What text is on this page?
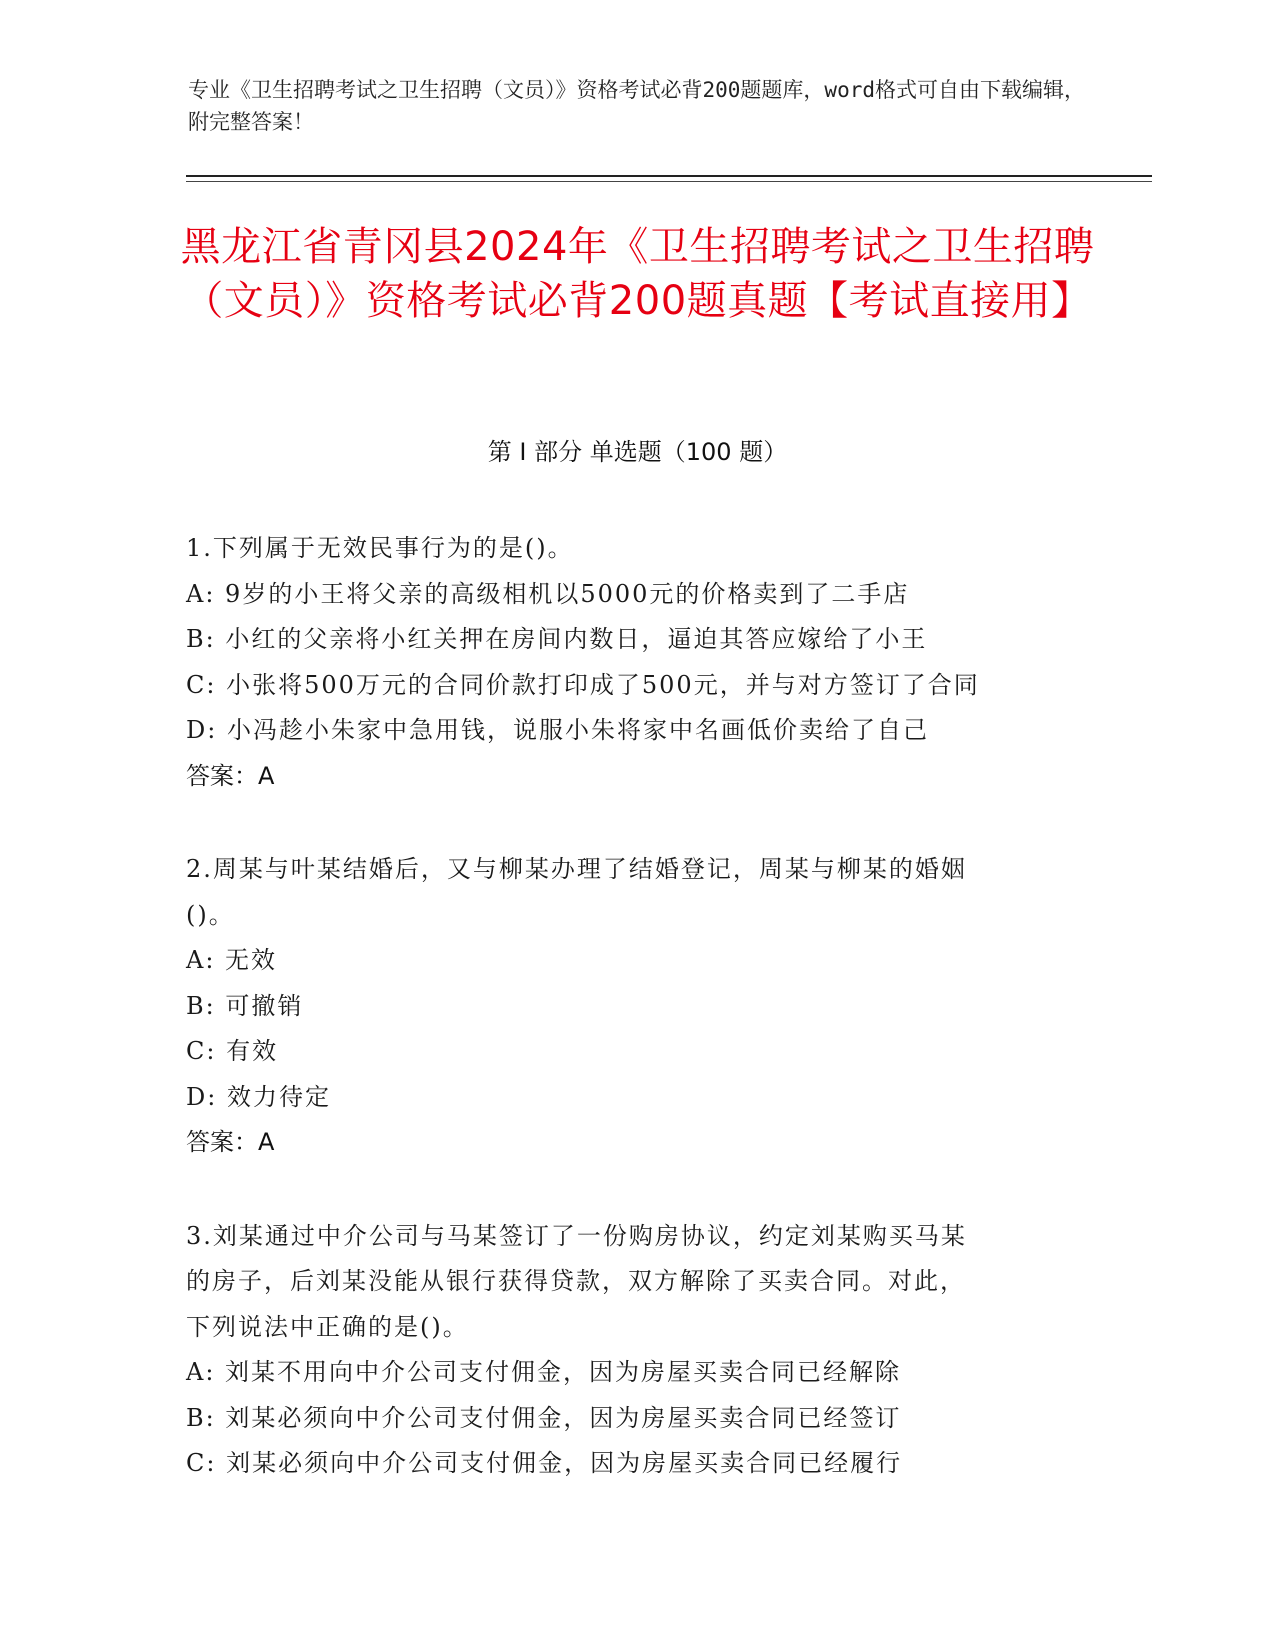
专业《卫生招聘考试之卫生招聘（文员）》资格考试必背200题题库，word格式可自由下载编辑，附完整答案！
黑龙江省青冈县2024年《卫生招聘考试之卫生招聘（文员）》资格考试必背200题真题【考试直接用】
第 I 部分 单选题（100 题）
1.下列属于无效民事行为的是()。
A: 9岁的小王将父亲的高级相机以5000元的价格卖到了二手店
B: 小红的父亲将小红关押在房间内数日，逼迫其答应嫁给了小王
C: 小张将500万元的合同价款打印成了500元，并与对方签订了合同
D: 小冯趁小朱家中急用钱，说服小朱将家中名画低价卖给了自己
答案：A
2.周某与叶某结婚后，又与柳某办理了结婚登记，周某与柳某的婚姻
()。
A: 无效
B: 可撤销
C: 有效
D: 效力待定
答案：A
3.刘某通过中介公司与马某签订了一份购房协议，约定刘某购买马某
的房子，后刘某没能从银行获得贷款，双方解除了买卖合同。对此，
下列说法中正确的是()。
A: 刘某不用向中介公司支付佣金，因为房屋买卖合同已经解除
B: 刘某必须向中介公司支付佣金，因为房屋买卖合同已经签订
C: 刘某必须向中介公司支付佣金，因为房屋买卖合同已经履行
